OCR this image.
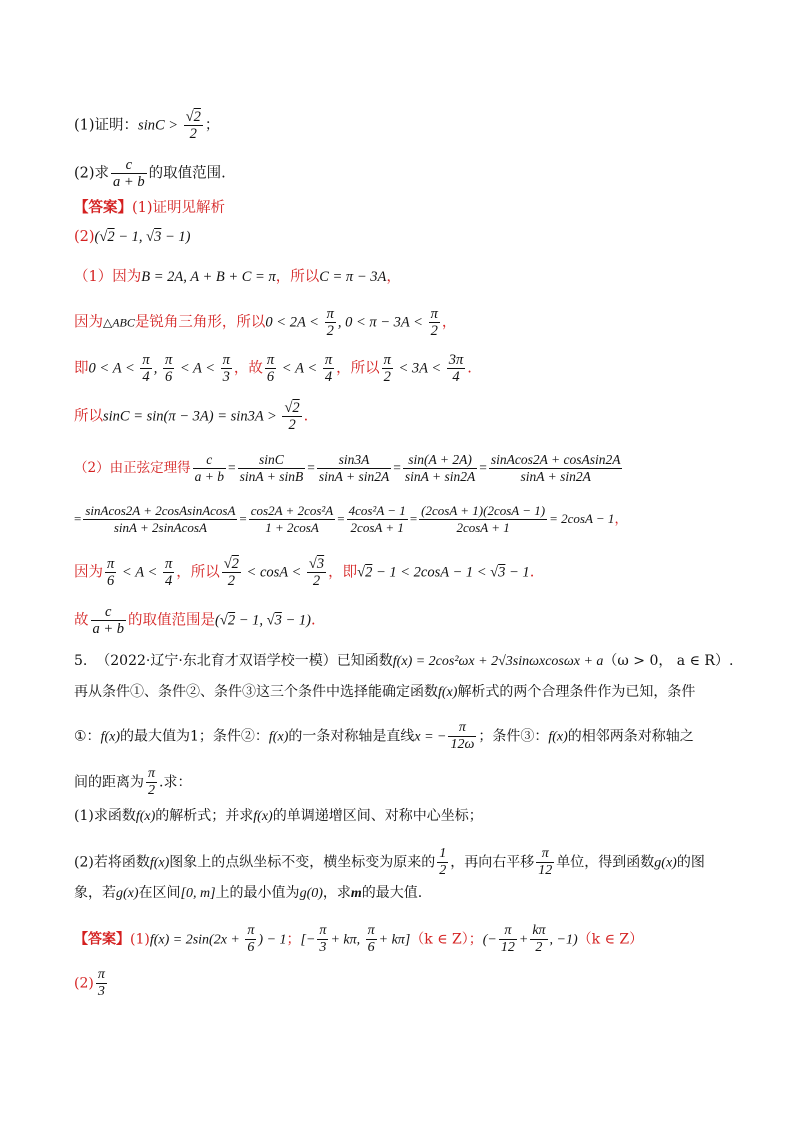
(1)证明：$\sin C > \frac{√2}{2}$ ；
(2)求 $\frac{c}{a + b}$ 的取值范围.
【答案】(1)证明见解析
(2)(√2 − 1, √3 − 1)
（1）因为B = 2A, A + B + C = π，所以C = π − 3A，
因为△ABC是锐角三角形，所以$0 < 2A < \frac{\pi}{2}$ , $0 < \pi - 3A < \frac{\pi}{2}$ ，
即$0 < A < \frac{\pi}{4}$ , $\frac{\pi}{6} < A < \frac{\pi}{3}$ ，故 $\frac{\pi}{6} < A < \frac{\pi}{4}$ ，所以 $\frac{\pi}{2} < 3A < \frac{3\pi}{4}$ .
所以$\sin C = \sin(\pi - 3A) = \sin 3A > \frac{√2}{2}$ .
（2）由正弦定理得 $\frac{c}{a + b} = \frac{\sin C}{\sin A + \sin B} = \frac{\sin 3A}{\sin A + \sin 2A} = \frac{\sin(A + 2A)}{\sin A + \sin 2A} = \frac{\text{sinAcos2A + cosAsin2A}}{\sin A + \sin 2A}$
= $\frac{\text{sinAcos2A + 2cosAsinAcosA}}{\text{sinA + 2sinAcosA}} = \frac{\text{cos2A + 2cos²A}}{1 + 2\cos A} = \frac{\text{4cos²A − 1}}{2\cos A + 1} = \frac{(2\cos A + 1)(2\cos A - 1)}{2\cos A + 1} = 2\cos A - 1$，
因为 $\frac{\pi}{6} < A < \frac{\pi}{4}$ ，所以 $\frac{√2}{2} < \cos A < \frac{√3}{2}$ ，即√2 − 1 < 2cosA − 1 < √3 − 1.
故 $\frac{c}{a + b}$ 的取值范围是(√2 − 1, √3 − 1).
5. （2022·辽宁·东北育才双语学校一模）已知函数f(x) = 2cos²ωx + 2√3sinωxcosωx + a（ω > 0， a ∈ R）.
再从条件①、条件②、条件③这三个条件中选择能确定函数f(x)解析式的两个合理条件作为已知，条件
①：f(x)的最大值为1；条件②：f(x)的一条对称轴是直线x = − $\frac{\pi}{12\omega}$ ；条件③：f(x)的相邻两条对称轴之
间的距离为 $\frac{\pi}{2}$ .求：
(1)求函数f(x)的解析式；并求f(x)的单调递增区间、对称中心坐标；
(2)若将函数f(x)图象上的点纵坐标不变，横坐标变为原来的 $\frac{1}{2}$ ，再向右平移 $\frac{\pi}{12}$ 单位，得到函数g(x)的图
象，若g(x)在区间[0, m]上的最小值为g(0)，求m的最大值.
【答案】$(1)f(x) = 2\sin(2x + \frac{\pi}{6}$ ) − 1；[− $\frac{\pi}{3} + k\pi$, $\frac{\pi}{6} + k\pi](k$ ∈ Z）；(− $\frac{\pi}{12} + \frac{k\pi}{2}$ , −1)（k ∈ Z）
$(2) \frac{\pi}{3}$
